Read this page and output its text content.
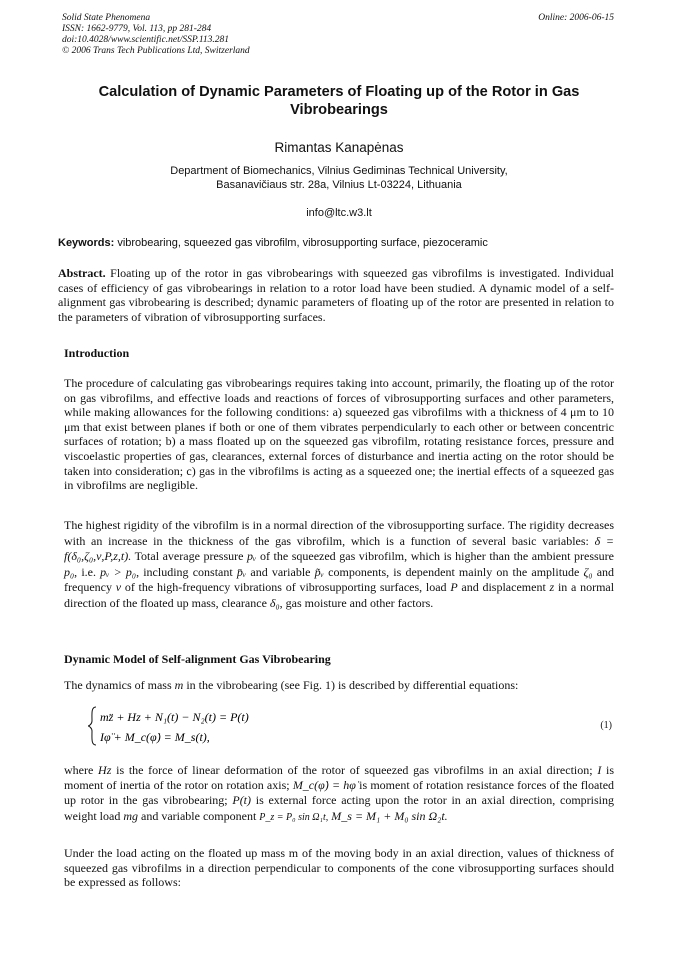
Solid State Phenomena
ISSN: 1662-9779, Vol. 113, pp 281-284
doi:10.4028/www.scientific.net/SSP.113.281
© 2006 Trans Tech Publications Ltd, Switzerland
Online: 2006-06-15
Calculation of Dynamic Parameters of Floating up of the Rotor in Gas Vibrobearings
Rimantas Kanapėnas
Department of Biomechanics, Vilnius Gediminas Technical University,
Basanavičiaus str. 28a, Vilnius Lt-03224, Lithuania
info@ltc.w3.lt
Keywords: vibrobearing, squeezed gas vibrofilm, vibrosupporting surface, piezoceramic
Abstract. Floating up of the rotor in gas vibrobearings with squeezed gas vibrofilms is investigated. Individual cases of efficiency of gas vibrobearings in relation to a rotor load have been studied. A dynamic model of a self-alignment gas vibrobearing is described; dynamic parameters of floating up of the rotor are presented in relation to the parameters of vibration of vibrosupporting surfaces.
Introduction
The procedure of calculating gas vibrobearings requires taking into account, primarily, the floating up of the rotor on gas vibrofilms, and effective loads and reactions of forces of vibrosupporting surfaces and other parameters, while making allowances for the following conditions: a) squeezed gas vibrofilms with a thickness of 4 μm to 10 μm that exist between planes if both or one of them vibrates perpendicularly to each other or between concentric surfaces of rotation; b) a mass floated up on the squeezed gas vibrofilm, rotating resistance forces, pressure and viscoelastic properties of gas, clearances, external forces of disturbance and inertia acting on the rotor should be taken into consideration; c) gas in the vibrofilms is acting as a squeezed one; the inertial effects of a squeezed gas in vibrofilms are negligible.
The highest rigidity of the vibrofilm is in a normal direction of the vibrosupporting surface. The rigidity decreases with an increase in the thickness of the gas vibrofilm, which is a function of several basic variables: δ = f(δ₀,ζ₀,ν,P,z,t). Total average pressure pᵥ of the squeezed gas vibrofilm, which is higher than the ambient pressure p₀, i.e. pᵥ > p₀, including constant p̄ᵥ and variable p̃ᵥ components, is dependent mainly on the amplitude ζ₀ and frequency ν of the high-frequency vibrations of vibrosupporting surfaces, load P and displacement z in a normal direction of the floated up mass, clearance δ₀, gas moisture and other factors.
Dynamic Model of Self-alignment Gas Vibrobearing
The dynamics of mass m in the vibrobearing (see Fig. 1) is described by differential equations:
mz̈ + Hz + N₁(t) − N₂(t) = P(t)
Iφ̈ + M_c(φ̇) = M_s(t),
(1)
where Hz is the force of linear deformation of the rotor of squeezed gas vibrofilms in an axial direction; I is moment of inertia of the rotor on rotation axis; M_c(φ̇) = hφ̇ is moment of rotation resistance forces of the floated up rotor in the gas vibrobearing; P(t) is external force acting upon the rotor in an axial direction, comprising weight load mg and variable component P_z = P₀ sin Ω₁t, M_s = M₁ + M₀ sin Ω₂t.
Under the load acting on the floated up mass m of the moving body in an axial direction, values of thickness of squeezed gas vibrofilms in a direction perpendicular to components of the cone vibrosupporting surfaces should be expressed as follows:
